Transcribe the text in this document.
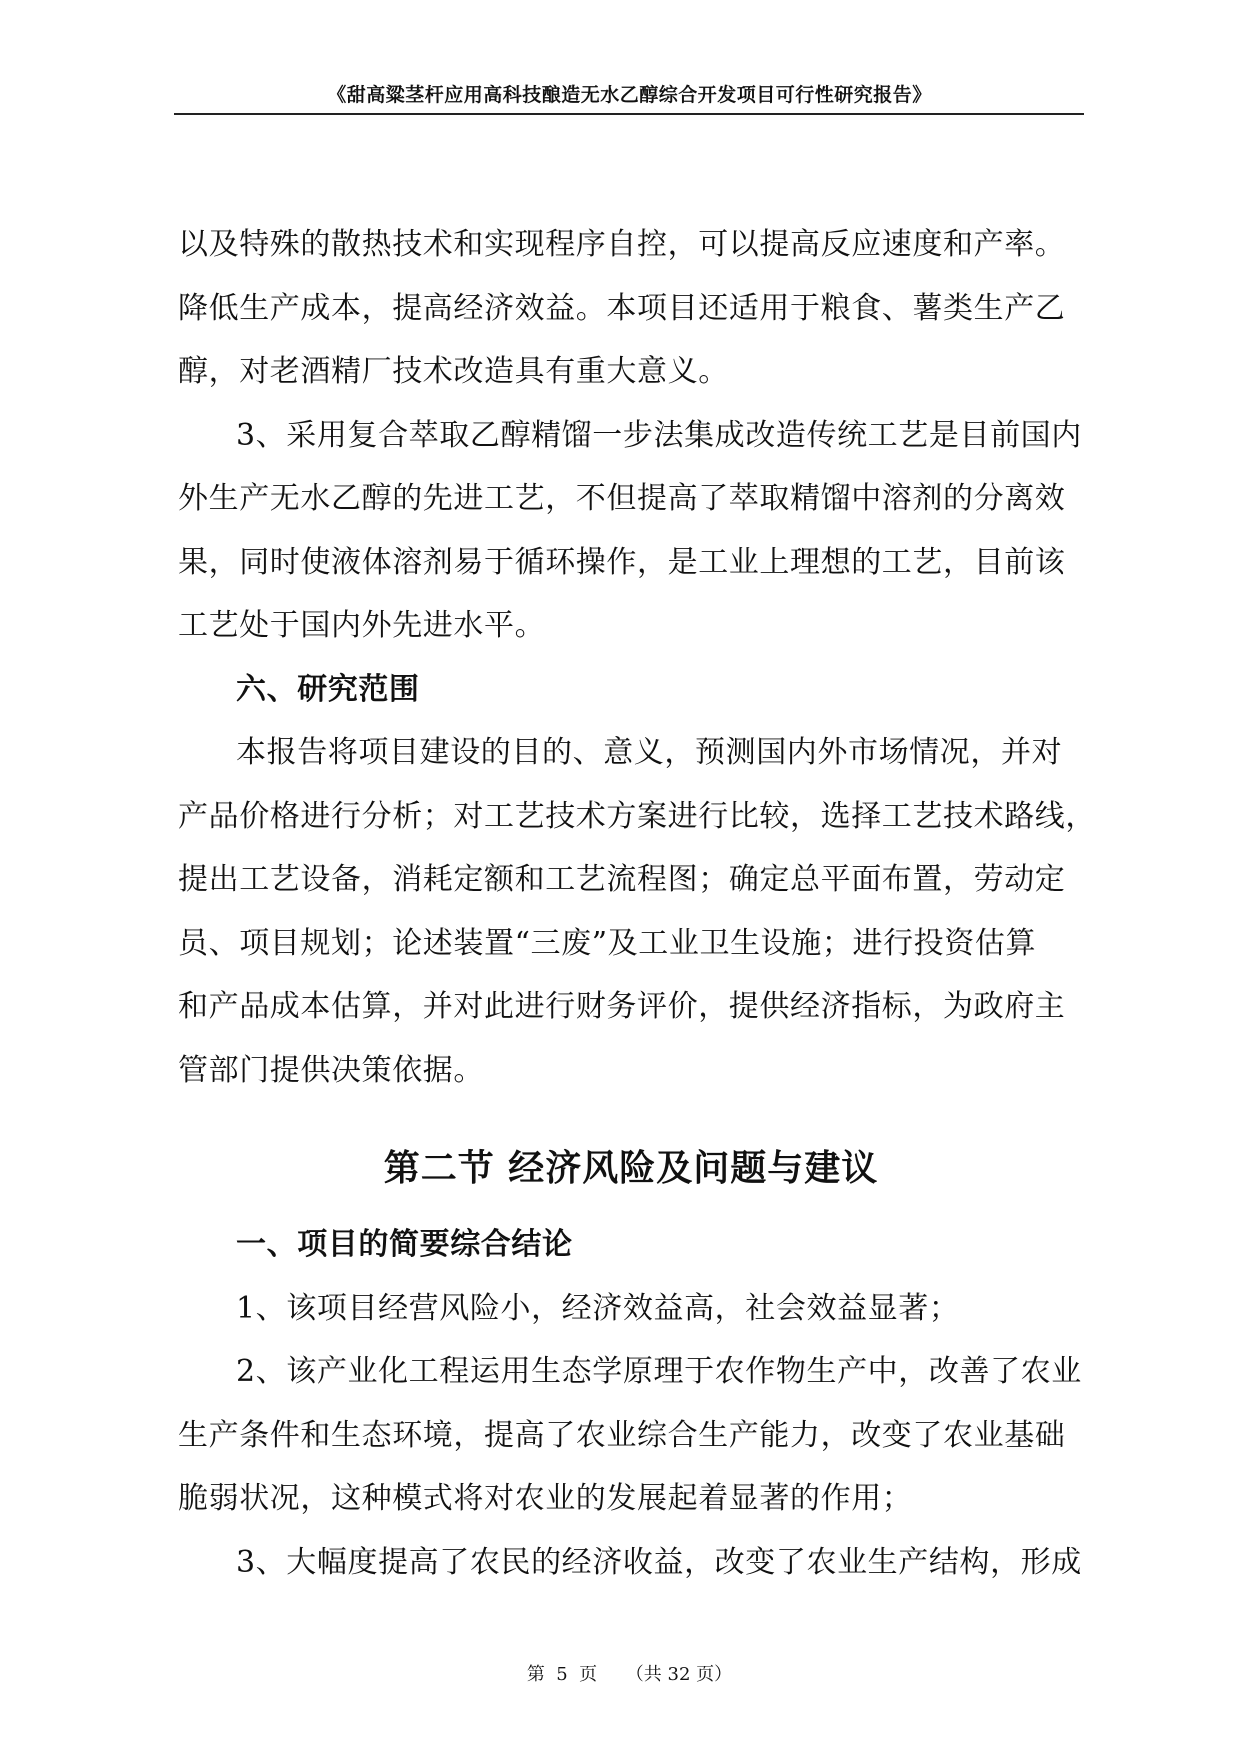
《甜高粱茎杆应用高科技酿造无水乙醇综合开发项目可行性研究报告》
以及特殊的散热技术和实现程序自控，可以提高反应速度和产率。
降低生产成本，提高经济效益。本项目还适用于粮食、薯类生产乙
醇，对老酒精厂技术改造具有重大意义。
3、采用复合萃取乙醇精馏一步法集成改造传统工艺是目前国内
外生产无水乙醇的先进工艺，不但提高了萃取精馏中溶剂的分离效
果，同时使液体溶剂易于循环操作，是工业上理想的工艺，目前该
工艺处于国内外先进水平。
六、研究范围
本报告将项目建设的目的、意义，预测国内外市场情况，并对
产品价格进行分析；对工艺技术方案进行比较，选择工艺技术路线，
提出工艺设备，消耗定额和工艺流程图；确定总平面布置，劳动定
员、项目规划；论述装置“三废”及工业卫生设施；进行投资估算
和产品成本估算，并对此进行财务评价，提供经济指标，为政府主
管部门提供决策依据。
第二节 经济风险及问题与建议
一、项目的简要综合结论
1、该项目经营风险小，经济效益高，社会效益显著；
2、该产业化工程运用生态学原理于农作物生产中，改善了农业
生产条件和生态环境，提高了农业综合生产能力，改变了农业基础
脆弱状况，这种模式将对农业的发展起着显著的作用；
3、大幅度提高了农民的经济收益，改变了农业生产结构，形成
第  5  页     （共 32 页）
